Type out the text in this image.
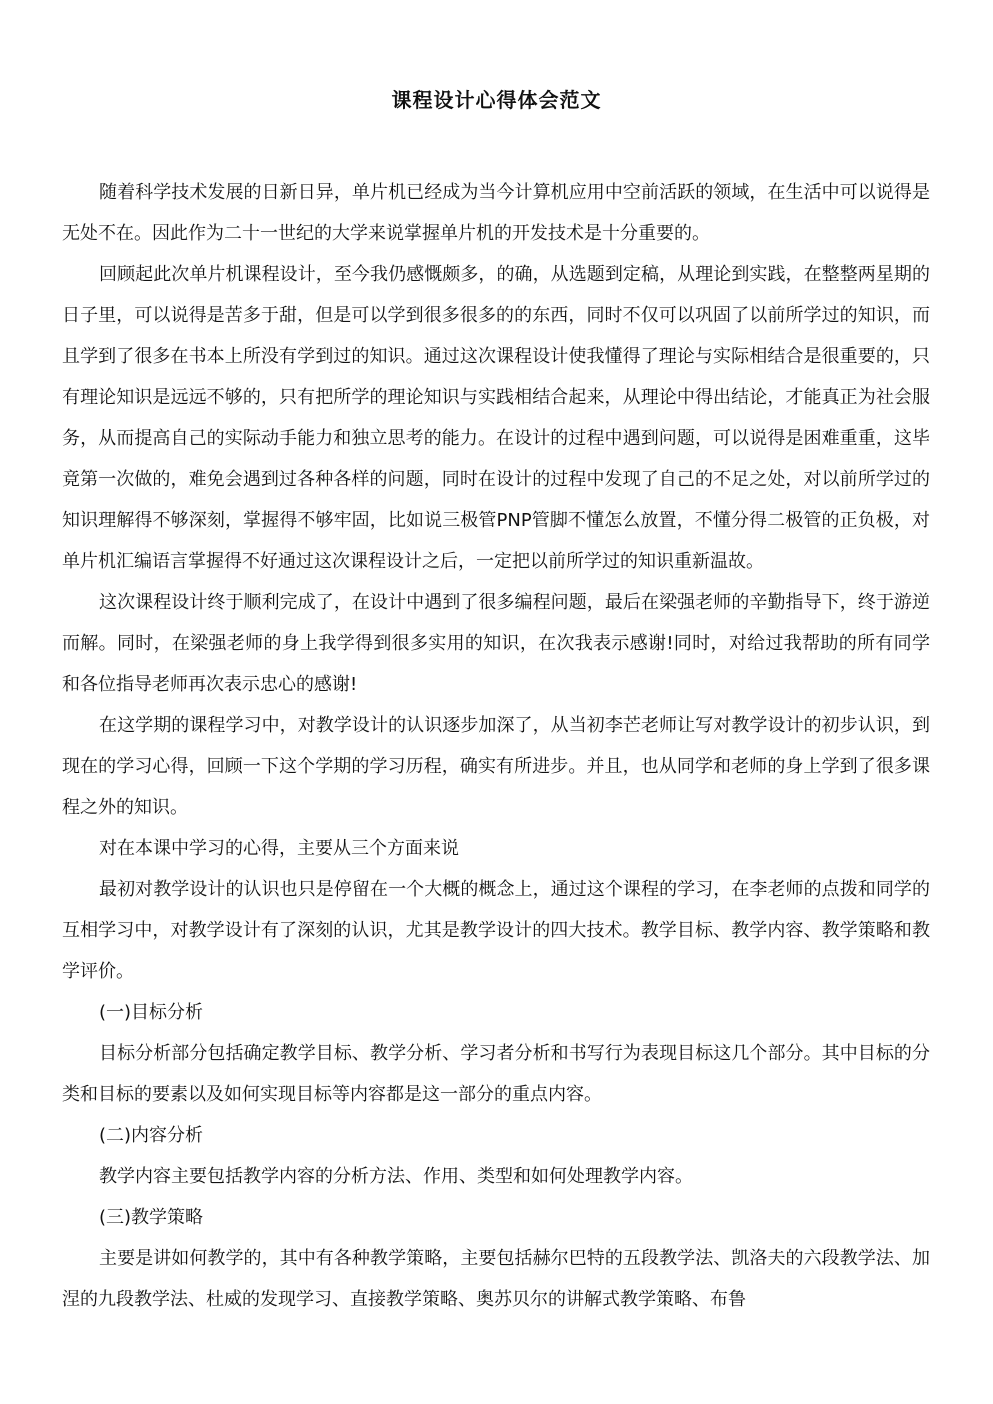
课程设计心得体会范文

随着科学技术发展的日新日异，单片机已经成为当今计算机应用中空前活跃的领域，在生活中可以说得是无处不在。因此作为二十一世纪的大学来说掌握单片机的开发技术是十分重要的。

回顾起此次单片机课程设计，至今我仍感慨颇多，的确，从选题到定稿，从理论到实践，在整整两星期的日子里，可以说得是苦多于甜，但是可以学到很多很多的的东西，同时不仅可以巩固了以前所学过的知识，而且学到了很多在书本上所没有学到过的知识。通过这次课程设计使我懂得了理论与实际相结合是很重要的，只有理论知识是远远不够的，只有把所学的理论知识与实践相结合起来，从理论中得出结论，才能真正为社会服务，从而提高自己的实际动手能力和独立思考的能力。在设计的过程中遇到问题，可以说得是困难重重，这毕竟第一次做的，难免会遇到过各种各样的问题，同时在设计的过程中发现了自己的不足之处，对以前所学过的知识理解得不够深刻，掌握得不够牢固，比如说三极管PNP管脚不懂怎么放置，不懂分得二极管的正负极，对单片机汇编语言掌握得不好通过这次课程设计之后，一定把以前所学过的知识重新温故。

这次课程设计终于顺利完成了，在设计中遇到了很多编程问题，最后在梁强老师的辛勤指导下，终于游逆而解。同时，在梁强老师的身上我学得到很多实用的知识，在次我表示感谢!同时，对给过我帮助的所有同学和各位指导老师再次表示忠心的感谢!

在这学期的课程学习中，对教学设计的认识逐步加深了，从当初李芒老师让写对教学设计的初步认识，到现在的学习心得，回顾一下这个学期的学习历程，确实有所进步。并且，也从同学和老师的身上学到了很多课程之外的知识。

对在本课中学习的心得，主要从三个方面来说

最初对教学设计的认识也只是停留在一个大概的概念上，通过这个课程的学习，在李老师的点拨和同学的互相学习中，对教学设计有了深刻的认识，尤其是教学设计的四大技术。教学目标、教学内容、教学策略和教学评价。

(一)目标分析

目标分析部分包括确定教学目标、教学分析、学习者分析和书写行为表现目标这几个部分。其中目标的分类和目标的要素以及如何实现目标等内容都是这一部分的重点内容。

(二)内容分析

教学内容主要包括教学内容的分析方法、作用、类型和如何处理教学内容。

(三)教学策略

主要是讲如何教学的，其中有各种教学策略，主要包括赫尔巴特的五段教学法、凯洛夫的六段教学法、加涅的九段教学法、杜威的发现学习、直接教学策略、奥苏贝尔的讲解式教学策略、布鲁
